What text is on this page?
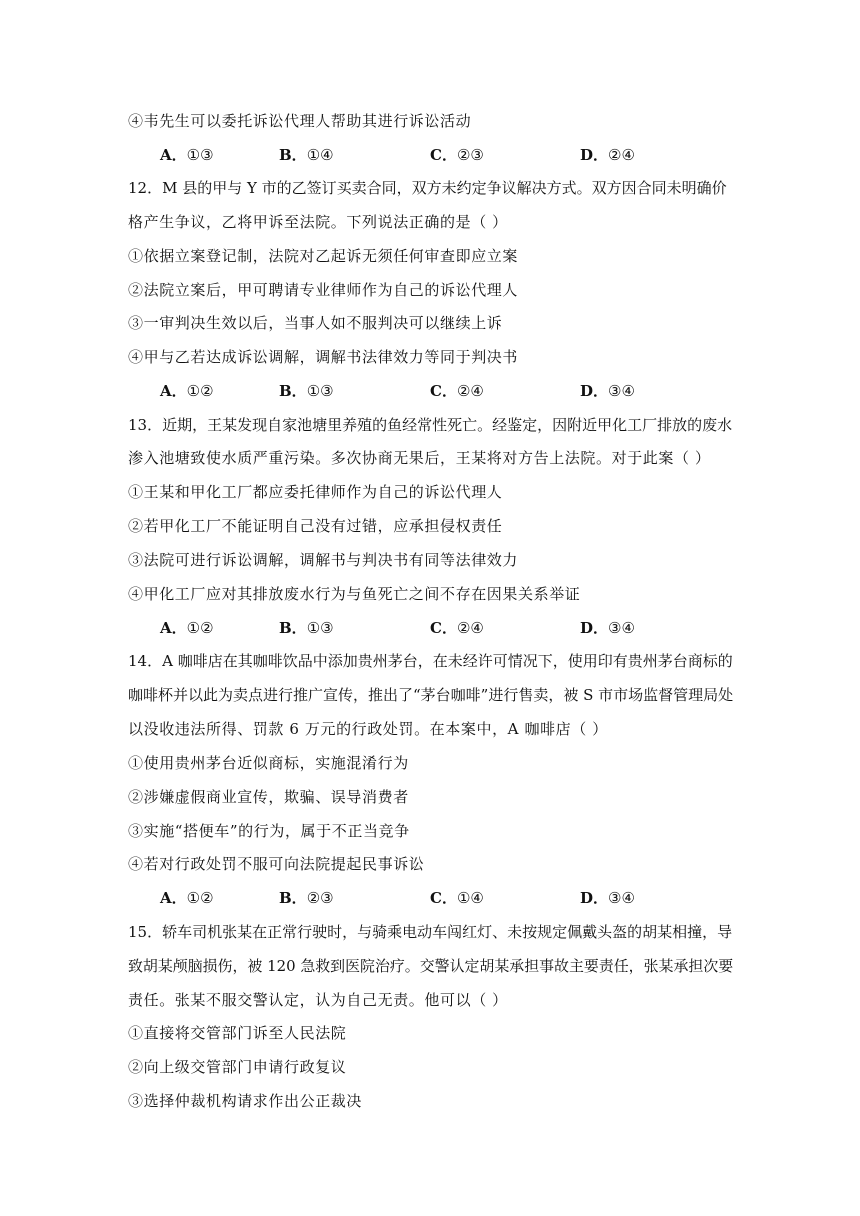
④韦先生可以委托诉讼代理人帮助其进行诉讼活动
A．①③	B．①④	C．②③	D．②④
12．M 县的甲与 Y 市的乙签订买卖合同，双方未约定争议解决方式。双方因合同未明确价
格产生争议，乙将甲诉至法院。下列说法正确的是（ ）
①依据立案登记制，法院对乙起诉无须任何审查即应立案
②法院立案后，甲可聘请专业律师作为自己的诉讼代理人
③一审判决生效以后，当事人如不服判决可以继续上诉
④甲与乙若达成诉讼调解，调解书法律效力等同于判决书
A．①②	B．①③	C．②④	D．③④
13．近期，王某发现自家池塘里养殖的鱼经常性死亡。经鉴定，因附近甲化工厂排放的废水
渗入池塘致使水质严重污染。多次协商无果后，王某将对方告上法院。对于此案（ ）
①王某和甲化工厂都应委托律师作为自己的诉讼代理人
②若甲化工厂不能证明自己没有过错，应承担侵权责任
③法院可进行诉讼调解，调解书与判决书有同等法律效力
④甲化工厂应对其排放废水行为与鱼死亡之间不存在因果关系举证
A．①②	B．①③	C．②④	D．③④
14．A 咖啡店在其咖啡饮品中添加贵州茅台，在未经许可情况下，使用印有贵州茅台商标的
咖啡杯并以此为卖点进行推广宣传，推出了“茅台咖啡”进行售卖，被 S 市市场监督管理局处
以没收违法所得、罚款 6 万元的行政处罚。在本案中，A 咖啡店（ ）
①使用贵州茅台近似商标，实施混淆行为
②涉嫌虚假商业宣传，欺骗、误导消费者
③实施“搭便车”的行为，属于不正当竞争
④若对行政处罚不服可向法院提起民事诉讼
A．①②	B．②③	C．①④	D．③④
15．轿车司机张某在正常行驶时，与骑乘电动车闯红灯、未按规定佩戴头盔的胡某相撞，导
致胡某颅脑损伤，被 120 急救到医院治疗。交警认定胡某承担事故主要责任，张某承担次要
责任。张某不服交警认定，认为自己无责。他可以（ ）
①直接将交管部门诉至人民法院
②向上级交管部门申请行政复议
③选择仲裁机构请求作出公正裁决
